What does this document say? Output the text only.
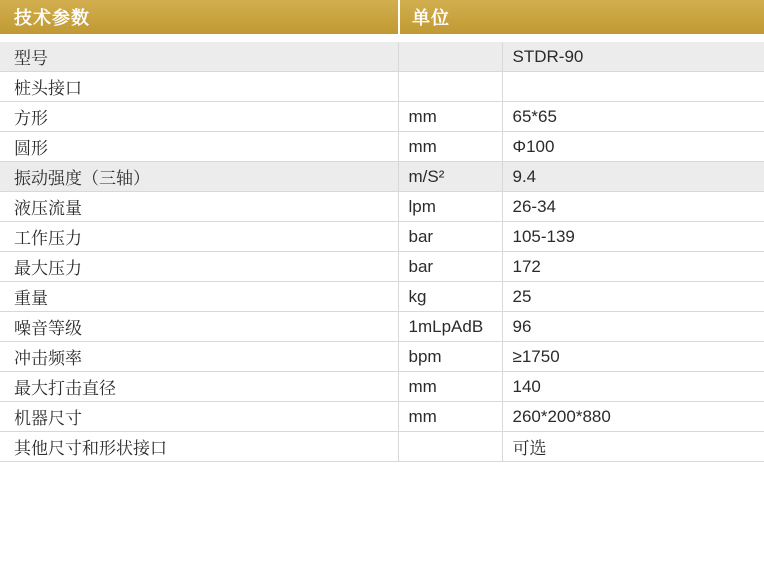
技术参数	单位	

型号		STDR-90
桩头接口		
方形	mm	65*65
圆形	mm	Φ100
振动强度（三轴）	m/S²	9.4
液压流量	lpm	26-34
工作压力	bar	105-139
最大压力	bar	172
重量	kg	25
噪音等级	1mLpAdB	96
冲击频率	bpm	≥1750
最大打击直径	mm	140
机器尺寸	mm	260*200*880
其他尺寸和形状接口		可选
